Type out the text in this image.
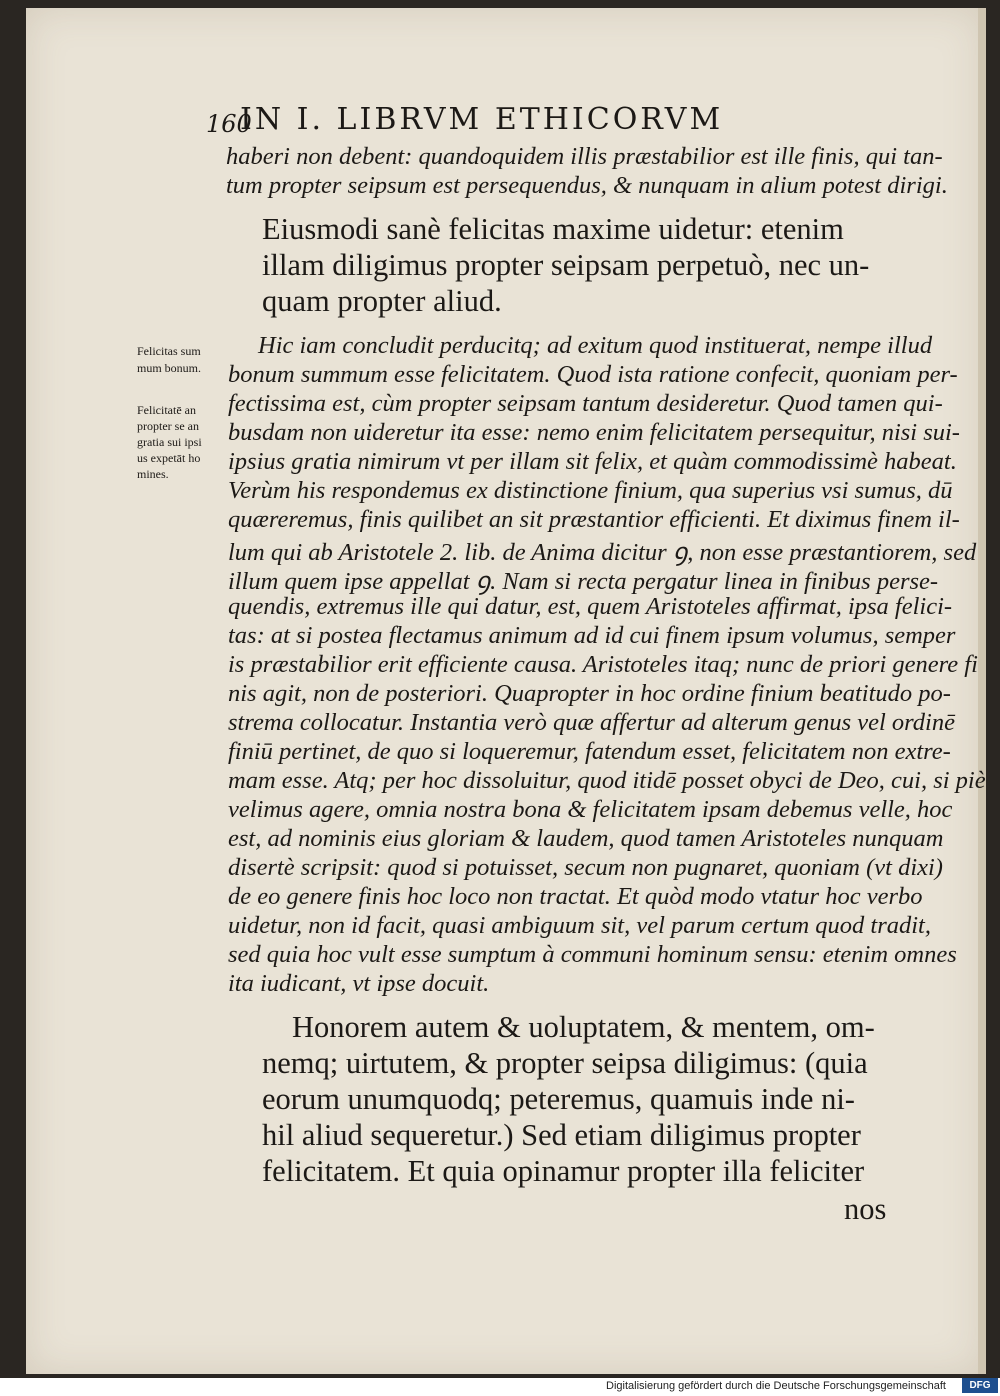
160
IN I. LIBRVM ETHICORVM
haberi non debent: quandoquidem illis præstabilior est ille finis, qui tan-
tum propter seipsum est persequendus, & nunquam in alium potest dirigi.
Eiusmodi sanè felicitas maxime uidetur: etenim
illam diligimus propter seipsam perpetuò, nec un-
quam propter aliud.
Felicitas sum
mum bonum.
Felicitatē an
propter se an
gratia sui ipsi
us expetāt ho
mines.
Hic iam concludit perducitq; ad exitum quod instituerat, nempe illud
bonum summum esse felicitatem. Quod ista ratione confecit, quoniam per-
fectissima est, cùm propter seipsam tantum desideretur. Quod tamen qui-
busdam non uideretur ita esse: nemo enim felicitatem persequitur, nisi sui-
ipsius gratia nimirum vt per illam sit felix, et quàm commodissimè habeat.
Verùm his respondemus ex distinctione finium, qua superius vsi sumus, dū
quæreremus, finis quilibet an sit præstantior efficienti. Et diximus finem il-
lum qui ab Aristotele 2. lib. de Anima dicitur ꝯ, non esse præstantiorem, sed
illum quem ipse appellat ꝯ. Nam si recta pergatur linea in finibus perse-
quendis, extremus ille qui datur, est, quem Aristoteles affirmat, ipsa felici-
tas: at si postea flectamus animum ad id cui finem ipsum volumus, semper
is præstabilior erit efficiente causa. Aristoteles itaq; nunc de priori genere fi
nis agit, non de posteriori. Quapropter in hoc ordine finium beatitudo po-
strema collocatur. Instantia verò quæ affertur ad alterum genus vel ordinē
finiū pertinet, de quo si loqueremur, fatendum esset, felicitatem non extre-
mam esse. Atq; per hoc dissoluitur, quod itidē posset obyci de Deo, cui, si piè
velimus agere, omnia nostra bona & felicitatem ipsam debemus velle, hoc
est, ad nominis eius gloriam & laudem, quod tamen Aristoteles nunquam
disertè scripsit: quod si potuisset, secum non pugnaret, quoniam (vt dixi)
de eo genere finis hoc loco non tractat. Et quòd modo vtatur hoc verbo
uidetur, non id facit, quasi ambiguum sit, vel parum certum quod tradit,
sed quia hoc vult esse sumptum à communi hominum sensu: etenim omnes
ita iudicant, vt ipse docuit.
Honorem autem & uoluptatem, & mentem, om-
nemq; uirtutem, & propter seipsa diligimus: (quia
eorum unumquodq; peteremus, quamuis inde ni-
hil aliud sequeretur.) Sed etiam diligimus propter
felicitatem. Et quia opinamur propter illa feliciter
nos
Digitalisierung gefördert durch die Deutsche Forschungsgemeinschaft	DFG
